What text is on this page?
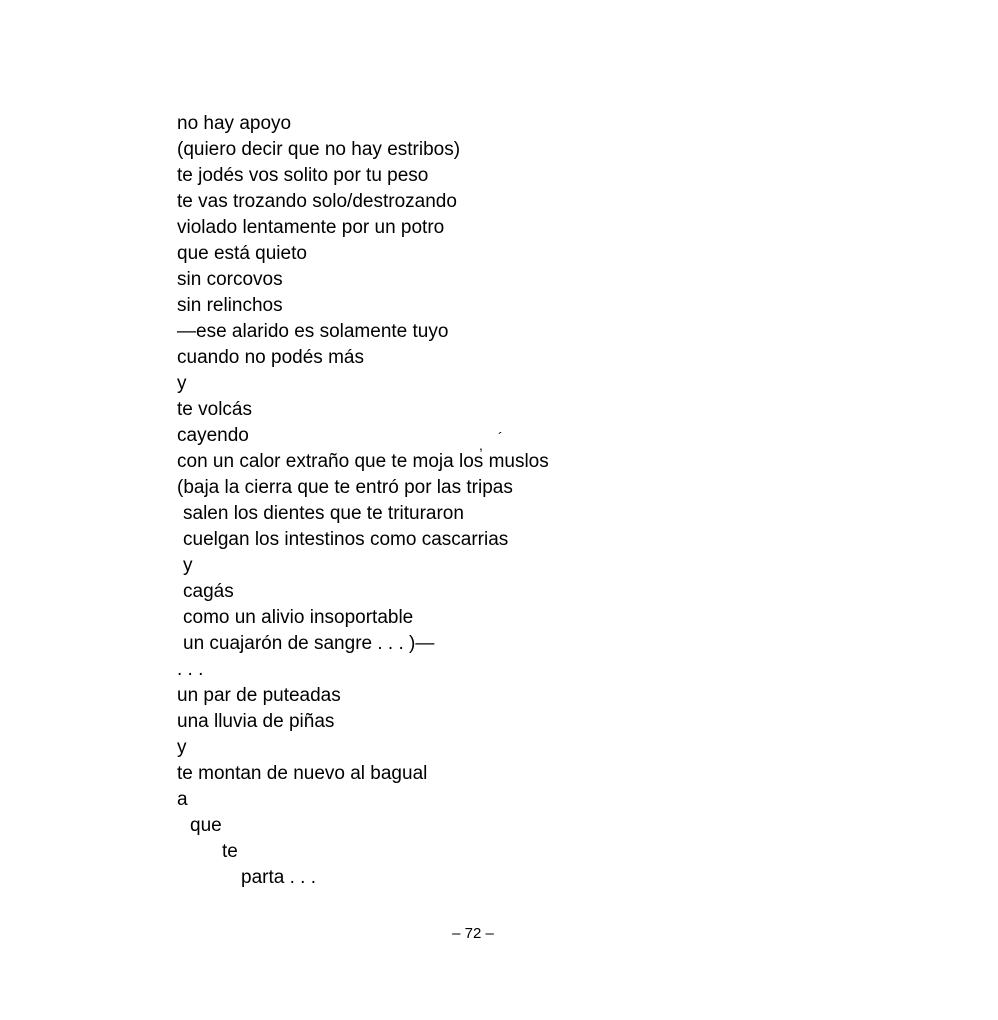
no hay apoyo
(quiero decir que no hay estribos)
te jodés vos solito por tu peso
te vas trozando solo/destrozando
violado lentamente por un potro
que está quieto
sin corcovos
sin relinchos
—ese alarido es solamente tuyo
cuando no podés más
y
te volcás
cayendo
con un calor extraño que te moja los muslos
(baja la cierra que te entró por las tripas
salen los dientes que te trituraron
cuelgan los intestinos como cascarrias
y
cagás
como un alivio insoportable
un cuajarón de sangre . . . )—
. . .
un par de puteadas
una lluvia de piñas
y
te montan de nuevo al bagual
a
que
te
parta . . .
, ´
– 72 –
